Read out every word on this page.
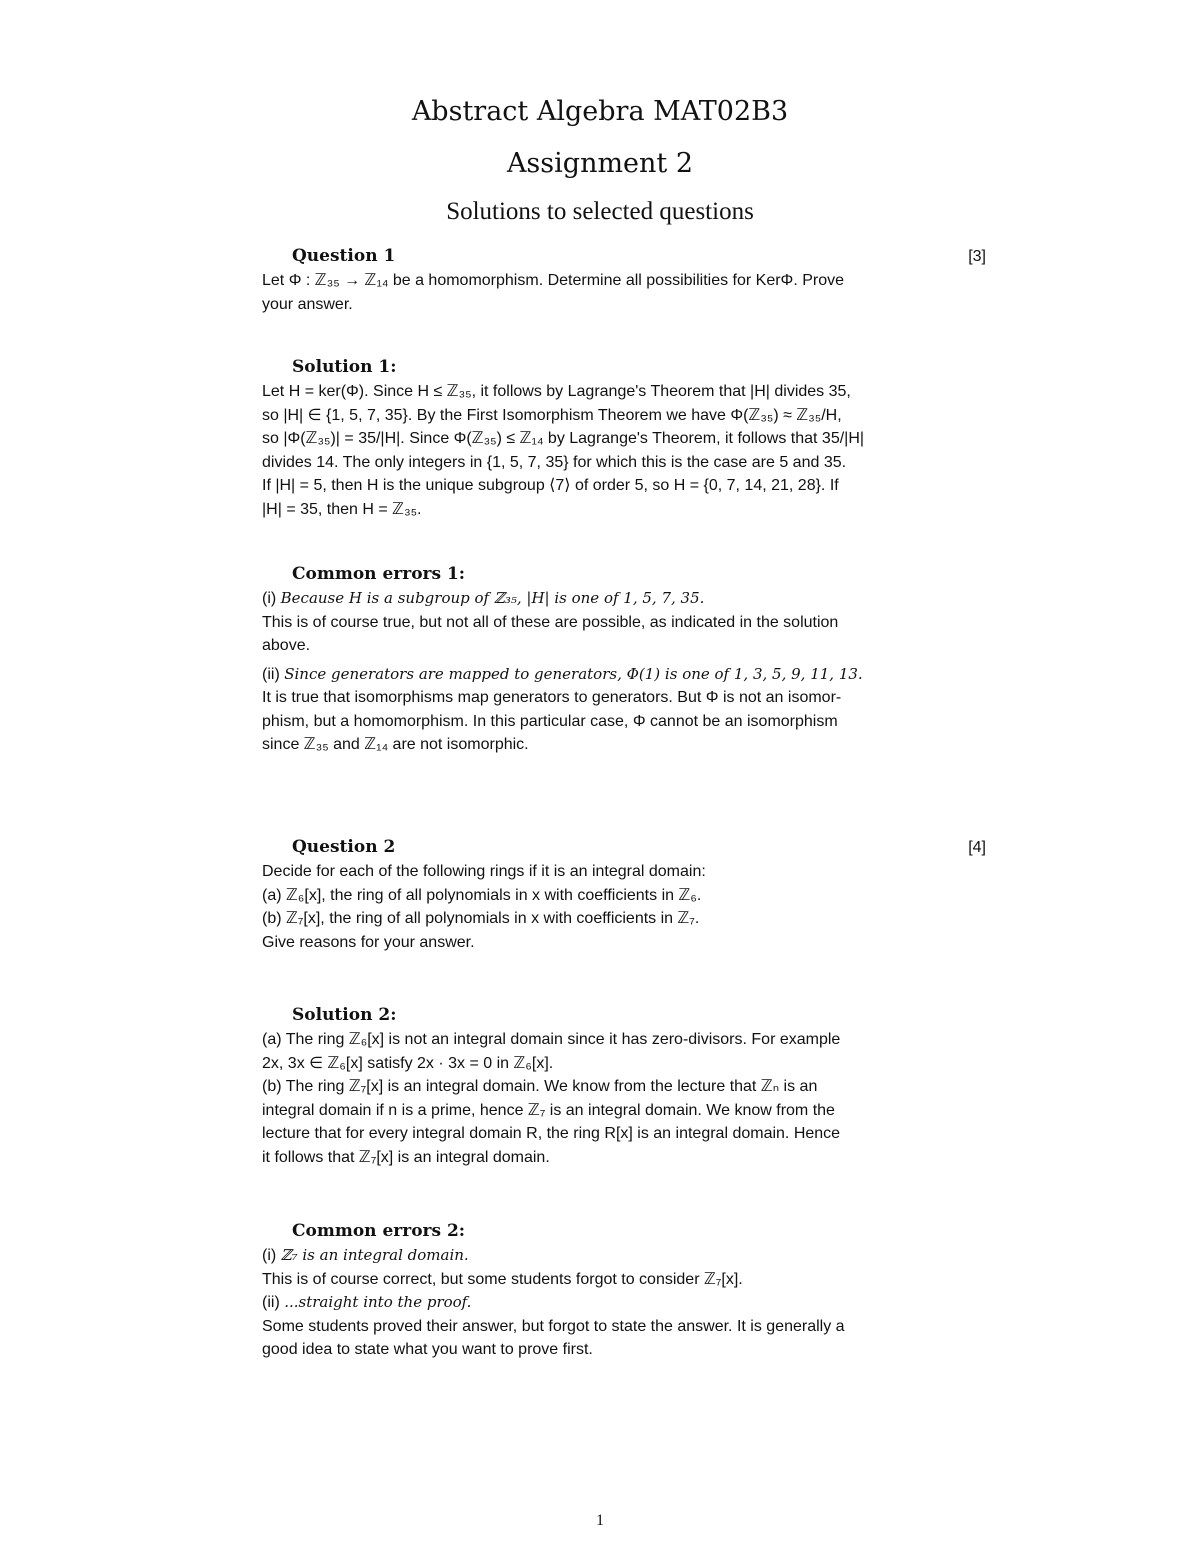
Abstract Algebra MAT02B3
Assignment 2
Solutions to selected questions
Question 1	[3]
Let Φ : ℤ₃₅ → ℤ₁₄ be a homomorphism. Determine all possibilities for KerΦ. Prove
your answer.
Solution 1:
Let H = ker(Φ). Since H ≤ ℤ₃₅, it follows by Lagrange's Theorem that |H| divides 35,
so |H| ∈ {1, 5, 7, 35}. By the First Isomorphism Theorem we have Φ(ℤ₃₅) ≈ ℤ₃₅/H,
so |Φ(ℤ₃₅)| = 35/|H|. Since Φ(ℤ₃₅) ≤ ℤ₁₄ by Lagrange's Theorem, it follows that 35/|H|
divides 14. The only integers in {1, 5, 7, 35} for which this is the case are 5 and 35.
If |H| = 5, then H is the unique subgroup ⟨7⟩ of order 5, so H = {0, 7, 14, 21, 28}. If
|H| = 35, then H = ℤ₃₅.
Common errors 1:
(i) Because H is a subgroup of ℤ₃₅, |H| is one of 1, 5, 7, 35.
This is of course true, but not all of these are possible, as indicated in the solution
above.
(ii) Since generators are mapped to generators, Φ(1) is one of 1, 3, 5, 9, 11, 13.
It is true that isomorphisms map generators to generators. But Φ is not an isomor-
phism, but a homomorphism. In this particular case, Φ cannot be an isomorphism
since ℤ₃₅ and ℤ₁₄ are not isomorphic.
Question 2	[4]
Decide for each of the following rings if it is an integral domain:
(a) ℤ₆[x], the ring of all polynomials in x with coefficients in ℤ₆.
(b) ℤ₇[x], the ring of all polynomials in x with coefficients in ℤ₇.
Give reasons for your answer.
Solution 2:
(a) The ring ℤ₆[x] is not an integral domain since it has zero-divisors. For example
2x, 3x ∈ ℤ₆[x] satisfy 2x · 3x = 0 in ℤ₆[x].
(b) The ring ℤ₇[x] is an integral domain. We know from the lecture that ℤₙ is an
integral domain if n is a prime, hence ℤ₇ is an integral domain. We know from the
lecture that for every integral domain R, the ring R[x] is an integral domain. Hence
it follows that ℤ₇[x] is an integral domain.
Common errors 2:
(i) ℤ₇ is an integral domain.
This is of course correct, but some students forgot to consider ℤ₇[x].
(ii) ...straight into the proof.
Some students proved their answer, but forgot to state the answer. It is generally a
good idea to state what you want to prove first.
1
